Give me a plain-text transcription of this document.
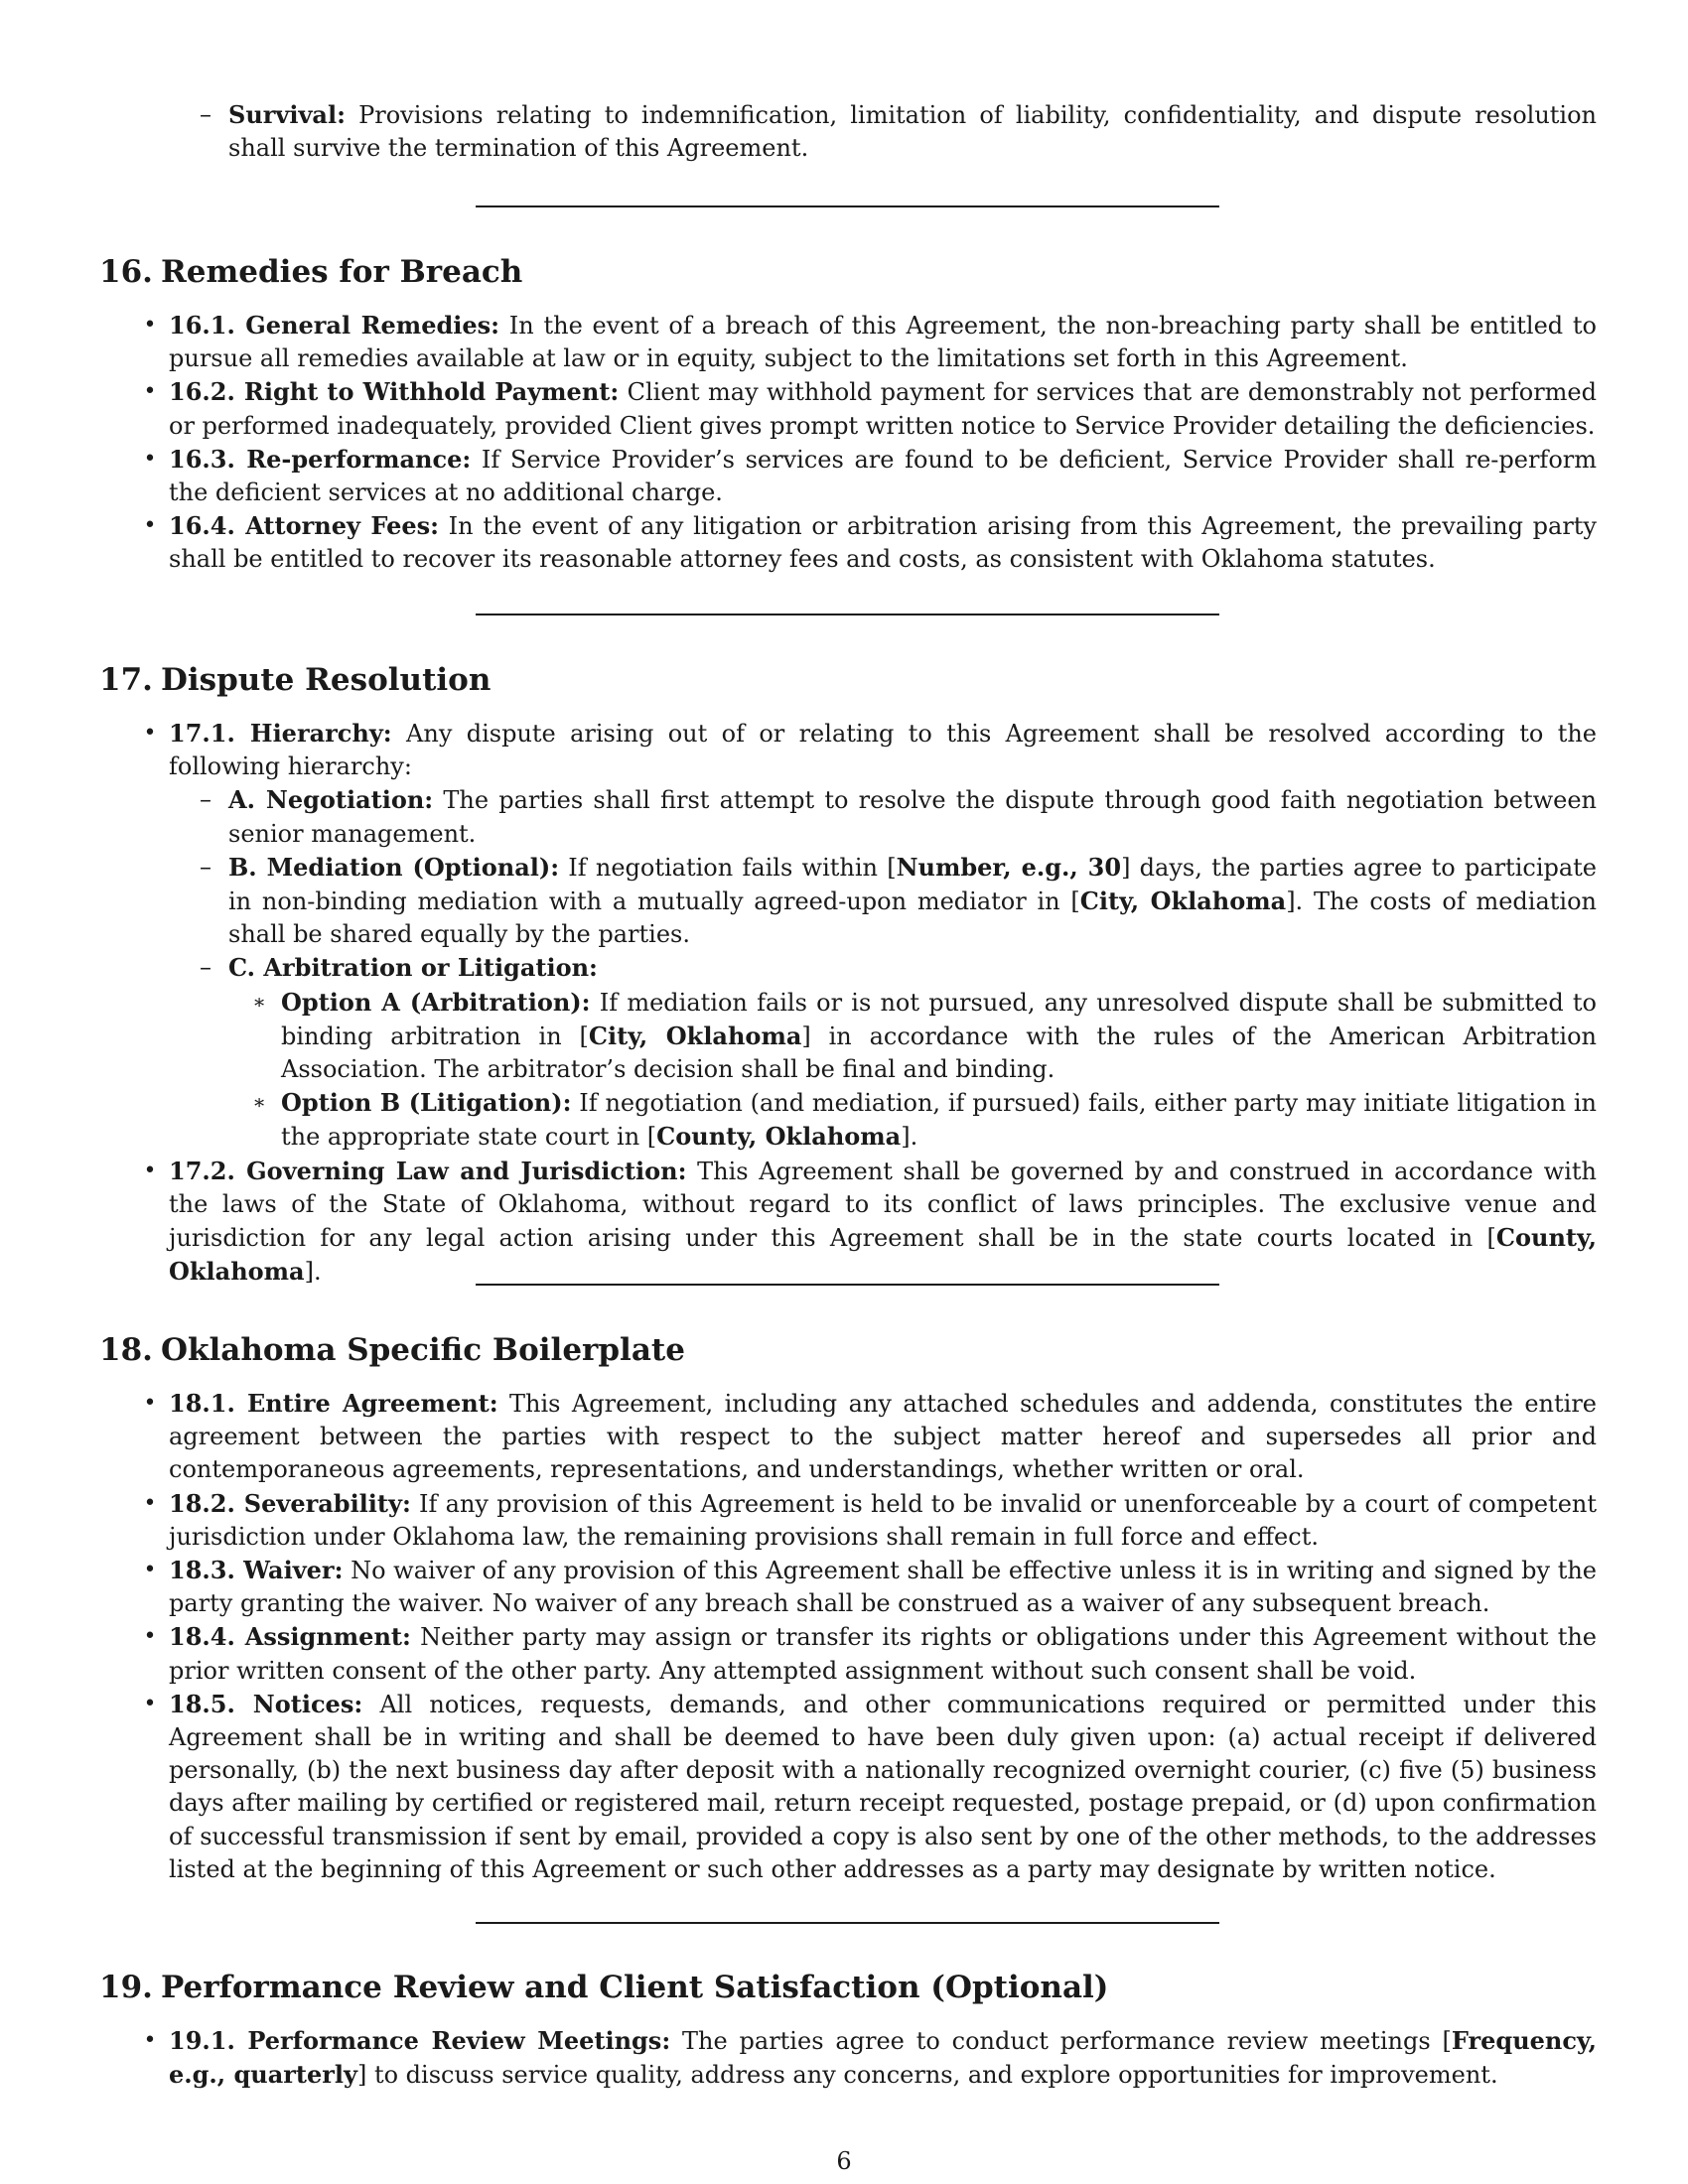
– Survival: Provisions relating to indemnification, limitation of liability, confidentiality, and dispute resolution shall survive the termination of this Agreement.

16. Remedies for Breach

• 16.1. General Remedies: In the event of a breach of this Agreement, the non-breaching party shall be entitled to pursue all remedies available at law or in equity, subject to the limitations set forth in this Agreement.

• 16.2. Right to Withhold Payment: Client may withhold payment for services that are demonstrably not performed or performed inadequately, provided Client gives prompt written notice to Service Provider detailing the deficiencies.

• 16.3. Re-performance: If Service Provider’s services are found to be deficient, Service Provider shall re-perform the deficient services at no additional charge.

• 16.4. Attorney Fees: In the event of any litigation or arbitration arising from this Agreement, the prevailing party shall be entitled to recover its reasonable attorney fees and costs, as consistent with Oklahoma statutes.

17. Dispute Resolution

• 17.1. Hierarchy: Any dispute arising out of or relating to this Agreement shall be resolved according to the following hierarchy:

– A. Negotiation: The parties shall first attempt to resolve the dispute through good faith negotiation between senior management.

– B. Mediation (Optional): If negotiation fails within [Number, e.g., 30] days, the parties agree to participate in non-binding mediation with a mutually agreed-upon mediator in [City, Oklahoma]. The costs of mediation shall be shared equally by the parties.

– C. Arbitration or Litigation:

∗ Option A (Arbitration): If mediation fails or is not pursued, any unresolved dispute shall be submitted to binding arbitration in [City, Oklahoma] in accordance with the rules of the American Arbitration Association. The arbitrator’s decision shall be final and binding.

∗ Option B (Litigation): If negotiation (and mediation, if pursued) fails, either party may initiate litigation in the appropriate state court in [County, Oklahoma].

• 17.2. Governing Law and Jurisdiction: This Agreement shall be governed by and construed in accordance with the laws of the State of Oklahoma, without regard to its conflict of laws principles. The exclusive venue and jurisdiction for any legal action arising under this Agreement shall be in the state courts located in [County, Oklahoma].

18. Oklahoma Specific Boilerplate

• 18.1. Entire Agreement: This Agreement, including any attached schedules and addenda, constitutes the entire agreement between the parties with respect to the subject matter hereof and supersedes all prior and contemporaneous agreements, representations, and understandings, whether written or oral.

• 18.2. Severability: If any provision of this Agreement is held to be invalid or unenforceable by a court of competent jurisdiction under Oklahoma law, the remaining provisions shall remain in full force and effect.

• 18.3. Waiver: No waiver of any provision of this Agreement shall be effective unless it is in writing and signed by the party granting the waiver. No waiver of any breach shall be construed as a waiver of any subsequent breach.

• 18.4. Assignment: Neither party may assign or transfer its rights or obligations under this Agreement without the prior written consent of the other party. Any attempted assignment without such consent shall be void.

• 18.5. Notices: All notices, requests, demands, and other communications required or permitted under this Agreement shall be in writing and shall be deemed to have been duly given upon: (a) actual receipt if delivered personally, (b) the next business day after deposit with a nationally recognized overnight courier, (c) five (5) business days after mailing by certified or registered mail, return receipt requested, postage prepaid, or (d) upon confirmation of successful transmission if sent by email, provided a copy is also sent by one of the other methods, to the addresses listed at the beginning of this Agreement or such other addresses as a party may designate by written notice.

19. Performance Review and Client Satisfaction (Optional)

• 19.1. Performance Review Meetings: The parties agree to conduct performance review meetings [Frequency, e.g., quarterly] to discuss service quality, address any concerns, and explore opportunities for improvement.

6
